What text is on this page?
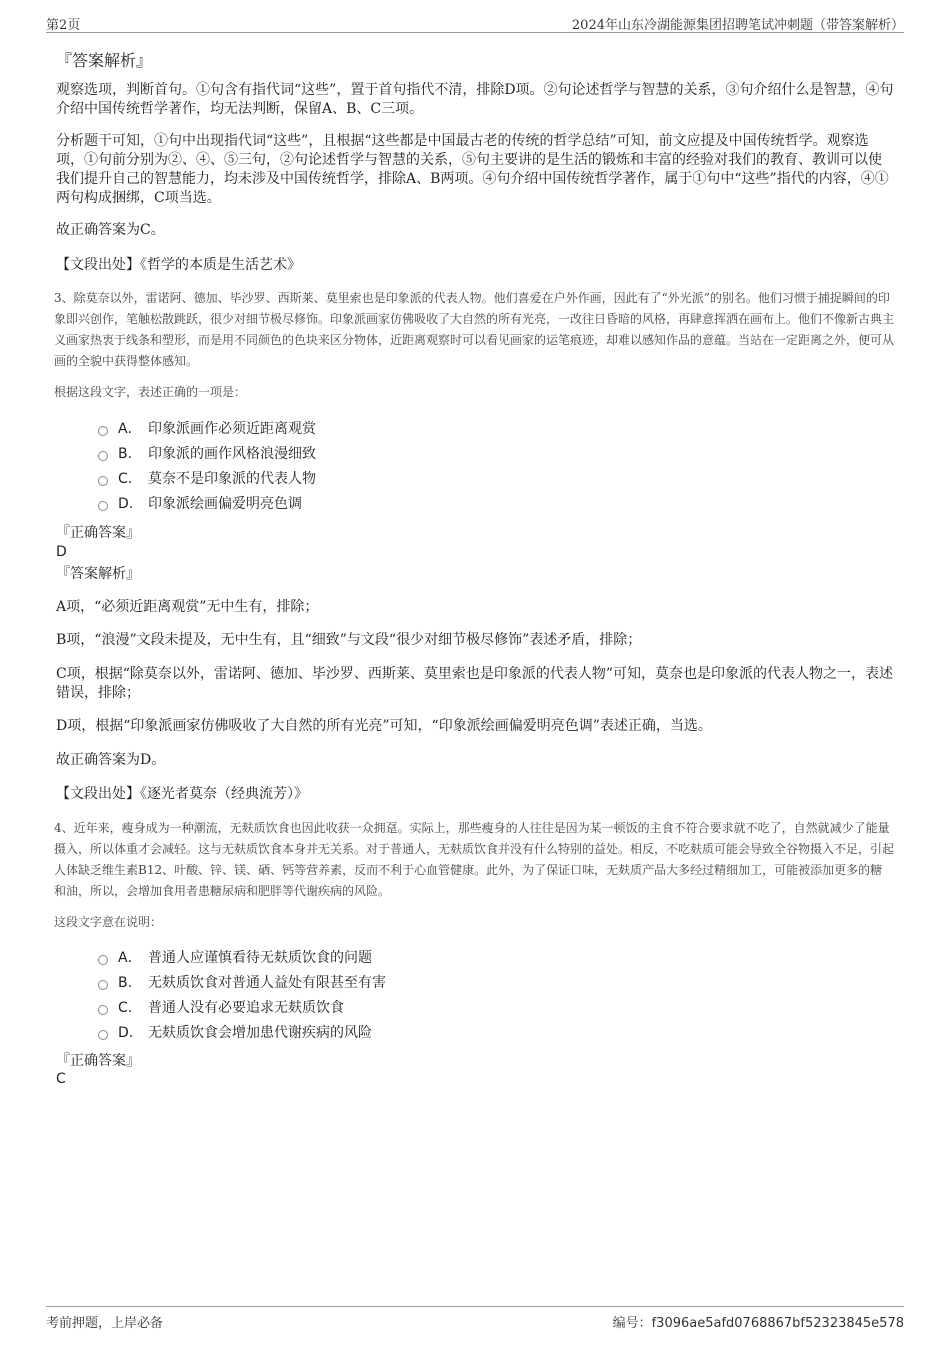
第2页	2024年山东冷湖能源集团招聘笔试冲刺题（带答案解析）
『答案解析』

观察选项，判断首句。①句含有指代词“这些”，置于首句指代不清，排除D项。②句论述哲学与智慧的关系，③句介绍什么是智慧，④句介绍中国传统哲学著作，均无法判断，保留A、B、C三项。

分析题干可知，①句中出现指代词“这些”，且根据“这些都是中国最古老的传统的哲学总结”可知，前文应提及中国传统哲学。观察选项，①句前分别为②、④、⑤三句，②句论述哲学与智慧的关系，⑤句主要讲的是生活的锻炼和丰富的经验对我们的教育、教训可以使我们提升自己的智慧能力，均未涉及中国传统哲学，排除A、B两项。④句介绍中国传统哲学著作，属于①句中“这些”指代的内容，④①两句构成捆绑，C项当选。

故正确答案为C。

【文段出处】《哲学的本质是生活艺术》

3、除莫奈以外，雷诺阿、德加、毕沙罗、西斯莱、莫里索也是印象派的代表人物。他们喜爱在户外作画，因此有了“外光派”的别名。他们习惯于捕捉瞬间的印象即兴创作，笔触松散跳跃，很少对细节极尽修饰。印象派画家仿佛吸收了大自然的所有光亮，一改往日昏暗的风格，再肆意挥洒在画布上。他们不像新古典主义画家热衷于线条和塑形，而是用不同颜色的色块来区分物体，近距离观察时可以看见画家的运笔痕迹，却难以感知作品的意蕴。当站在一定距离之外，便可从画的全貌中获得整体感知。

根据这段文字，表述正确的一项是：

A． 印象派画作必须近距离观赏
B. 印象派的画作风格浪漫细致
C. 莫奈不是印象派的代表人物
D. 印象派绘画偏爱明亮色调
『正确答案』
D
『答案解析』

A项，“必须近距离观赏”无中生有，排除；

B项，“浪漫”文段未提及，无中生有，且“细致”与文段“很少对细节极尽修饰”表述矛盾，排除；

C项，根据“除莫奈以外，雷诺阿、德加、毕沙罗、西斯莱、莫里索也是印象派的代表人物”可知，莫奈也是印象派的代表人物之一，表述错误，排除；

D项，根据“印象派画家仿佛吸收了大自然的所有光亮”可知，“印象派绘画偏爱明亮色调”表述正确，当选。

故正确答案为D。

【文段出处】《逐光者莫奈（经典流芳）》

4、近年来，瘦身成为一种潮流，无麸质饮食也因此收获一众拥趸。实际上，那些瘦身的人往往是因为某一顿饭的主食不符合要求就不吃了，自然就减少了能量摄入，所以体重才会减轻。这与无麸质饮食本身并无关系。对于普通人，无麸质饮食并没有什么特别的益处。相反，不吃麸质可能会导致全谷物摄入不足，引起人体缺乏维生素B12、叶酸、锌、镁、硒、钙等营养素，反而不利于心血管健康。此外，为了保证口味，无麸质产品大多经过精细加工，可能被添加更多的糖和油，所以，会增加食用者患糖尿病和肥胖等代谢疾病的风险。

这段文字意在说明：

A． 普通人应谨慎看待无麸质饮食的问题
B. 无麸质饮食对普通人益处有限甚至有害
C. 普通人没有必要追求无麸质饮食
D. 无麸质饮食会增加患代谢疾病的风险
『正确答案』
C
考前押题，上岸必备	编号：f3096ae5afd0768867bf52323845e578
